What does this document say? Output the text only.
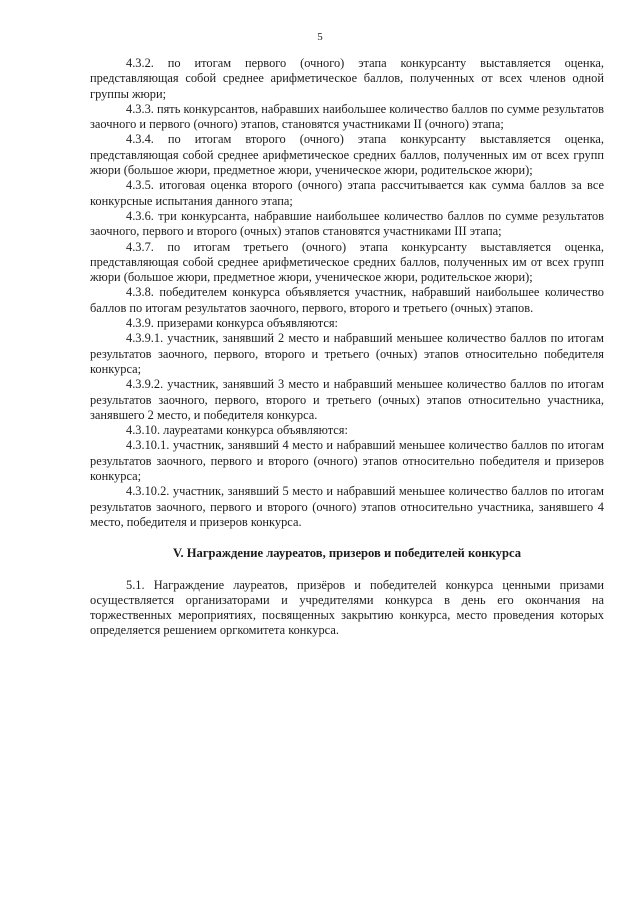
5

4.3.2. по итогам первого (очного) этапа конкурсанту выставляется оценка, представляющая собой среднее арифметическое баллов, полученных от всех членов одной группы жюри;

4.3.3. пять конкурсантов, набравших наибольшее количество баллов по сумме результатов заочного и первого (очного) этапов, становятся участниками II (очного) этапа;

4.3.4. по итогам второго (очного) этапа конкурсанту выставляется оценка, представляющая собой среднее арифметическое средних баллов, полученных им от всех групп жюри (большое жюри, предметное жюри, ученическое жюри, родительское жюри);

4.3.5. итоговая оценка второго (очного) этапа рассчитывается как сумма баллов за все конкурсные испытания данного этапа;

4.3.6. три конкурсанта, набравшие наибольшее количество баллов по сумме результатов заочного, первого и второго (очных) этапов становятся участниками III этапа;

4.3.7. по итогам третьего (очного) этапа конкурсанту выставляется оценка, представляющая собой среднее арифметическое средних баллов, полученных им от всех групп жюри (большое жюри, предметное жюри, ученическое жюри, родительское жюри);

4.3.8. победителем конкурса объявляется участник, набравший наибольшее количество баллов по итогам результатов заочного, первого, второго и третьего (очных) этапов.

4.3.9. призерами конкурса объявляются:

4.3.9.1. участник, занявший 2 место и набравший меньшее количество баллов по итогам результатов заочного, первого, второго и третьего (очных) этапов относительно победителя конкурса;

4.3.9.2. участник, занявший 3 место и набравший меньшее количество баллов по итогам результатов заочного, первого, второго и третьего (очных) этапов относительно участника, занявшего 2 место, и победителя конкурса.

4.3.10. лауреатами конкурса объявляются:

4.3.10.1. участник, занявший 4 место и набравший меньшее количество баллов по итогам результатов заочного, первого и второго (очного) этапов относительно победителя и призеров конкурса;

4.3.10.2. участник, занявший 5 место и набравший меньшее количество баллов по итогам результатов заочного, первого и второго (очного) этапов относительно участника, занявшего 4 место, победителя и призеров конкурса.

V. Награждение лауреатов, призеров и победителей конкурса

5.1. Награждение лауреатов, призёров и победителей конкурса ценными призами осуществляется организаторами и учредителями конкурса в день его окончания на торжественных мероприятиях, посвященных закрытию конкурса, место проведения которых определяется решением оргкомитета конкурса.
